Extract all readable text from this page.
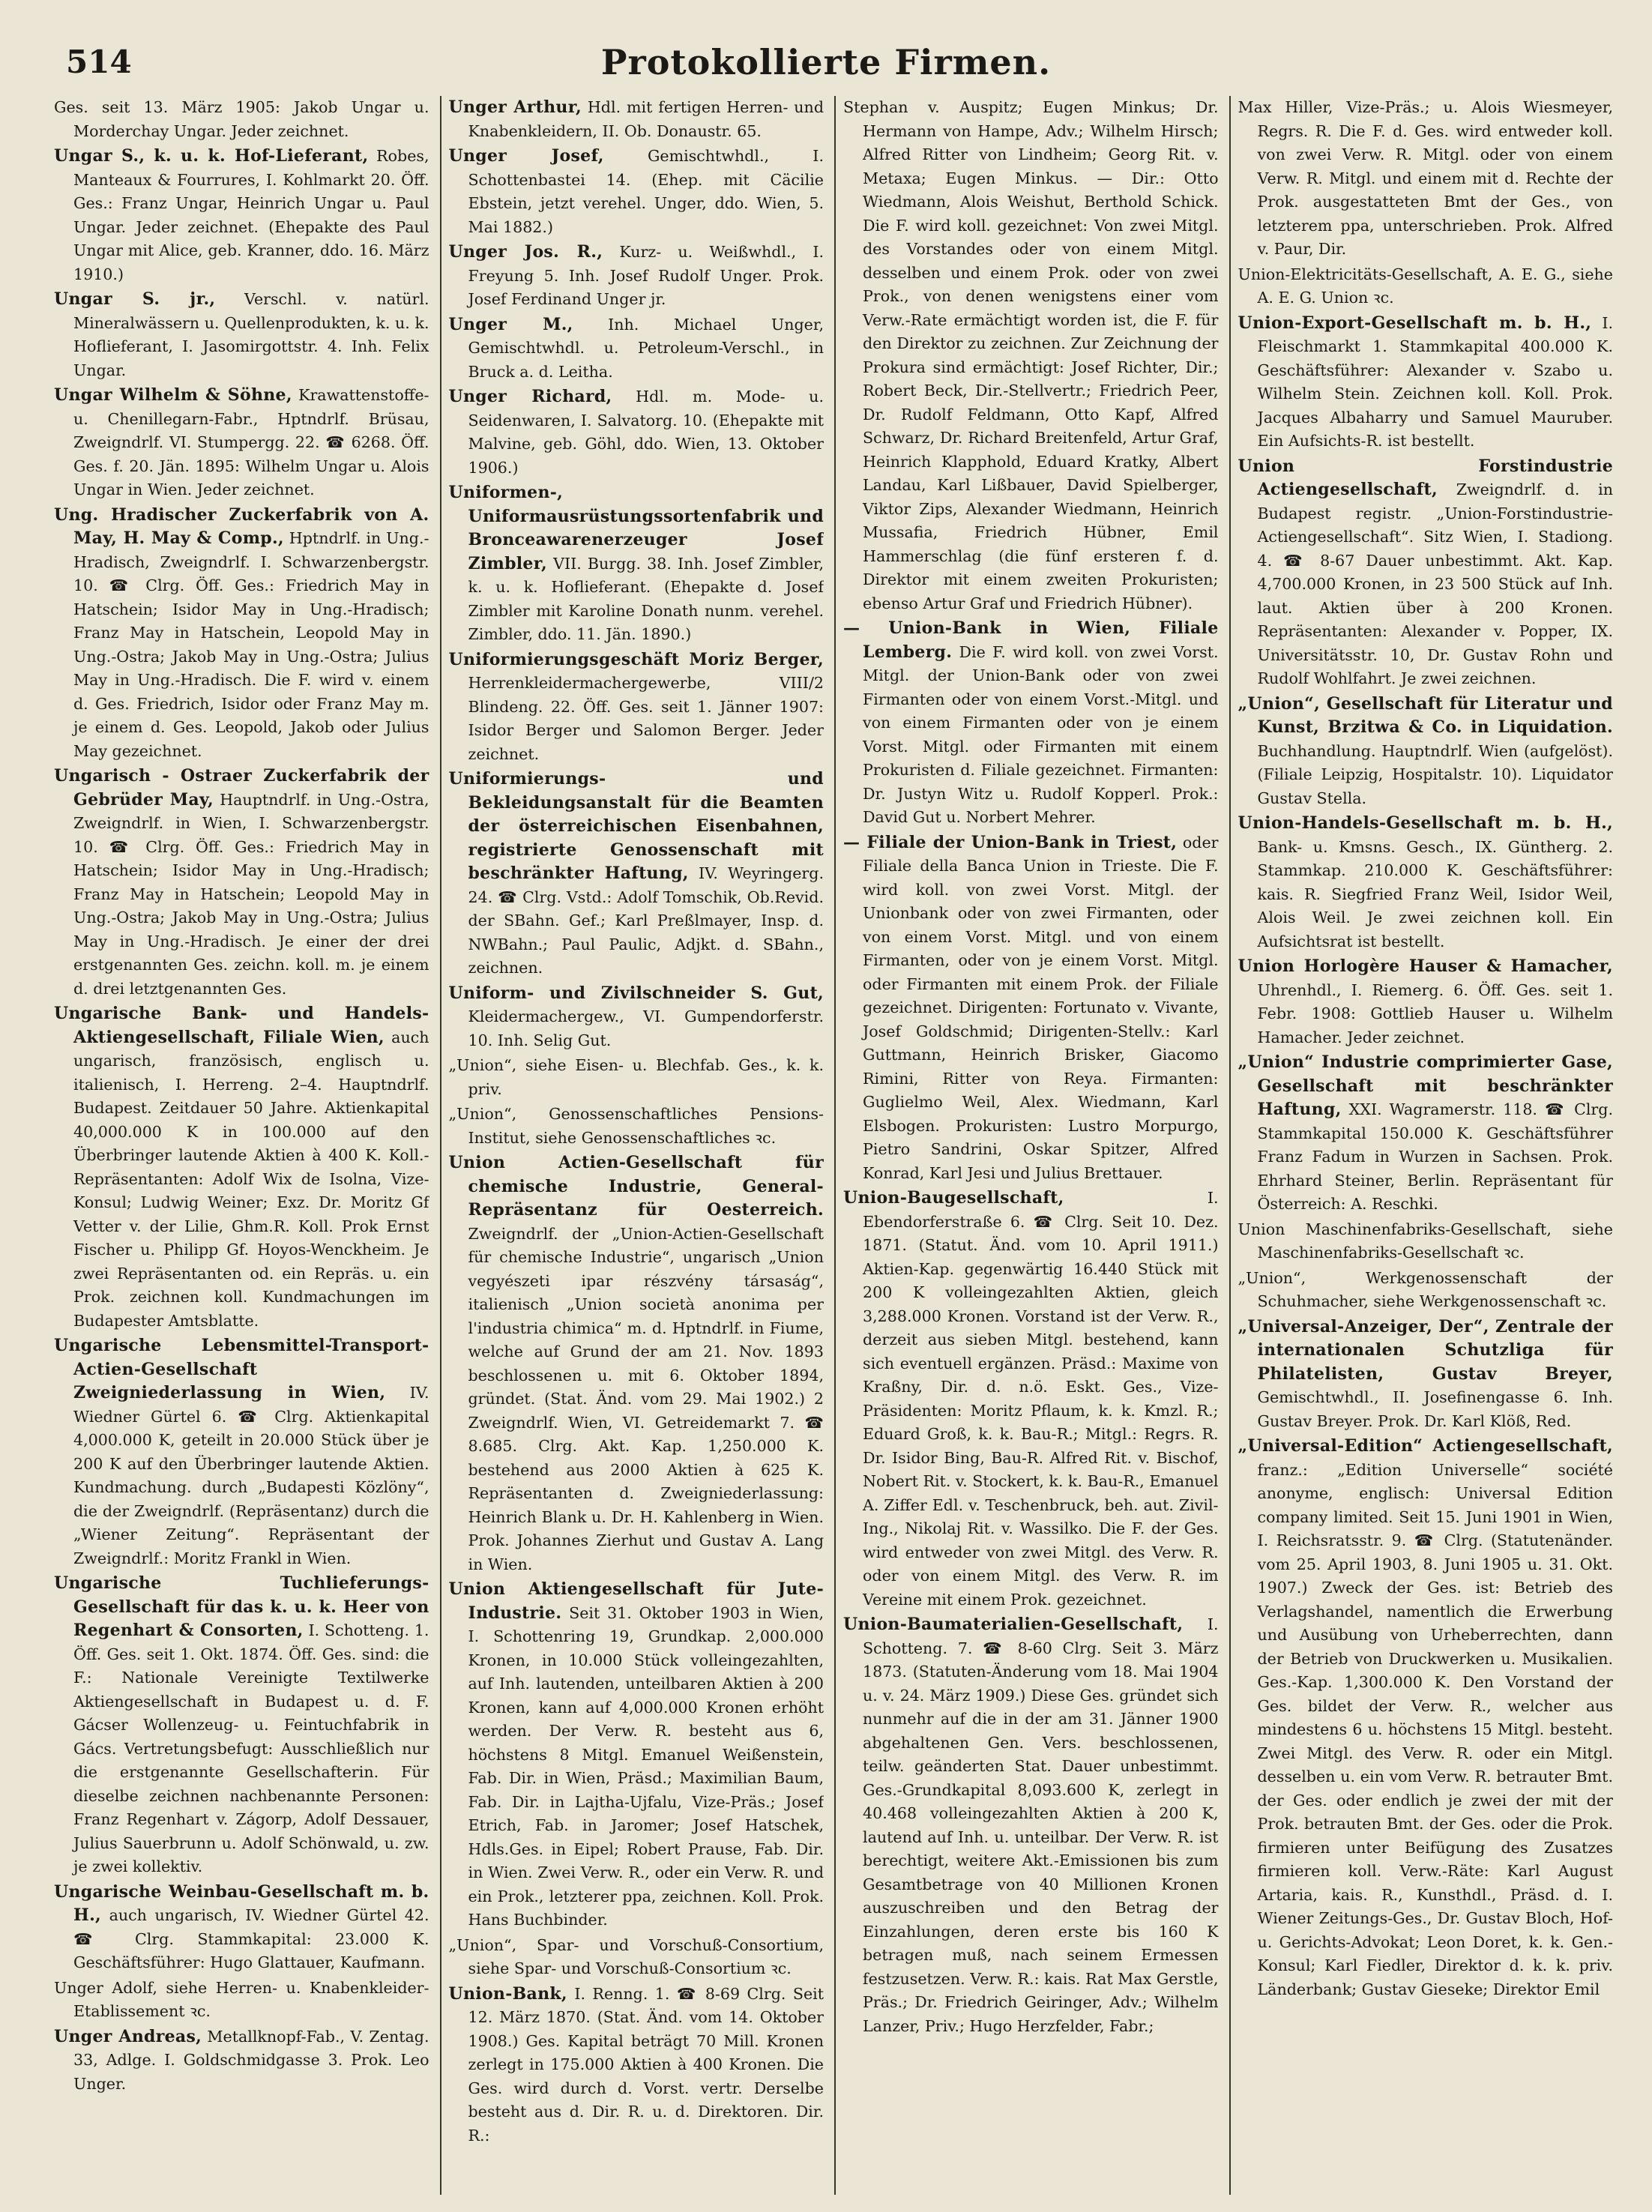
514	Protokollierte Firmen.

Ges. seit 13. März 1905: Jakob Ungar u. Morderchay Ungar. Jeder zeichnet.

Ungar S., k. u. k. Hof-Lieferant, Robes, Manteaux & Fourrures, I. Kohlmarkt 20. Öff. Ges.: Franz Ungar, Heinrich Ungar u. Paul Ungar. Jeder zeichnet. (Ehepakte des Paul Ungar mit Alice, geb. Kranner, ddo. 16. März 1910.)

Ungar S. jr., Verschl. v. natürl. Mineralwässern u. Quellenprodukten, k. u. k. Hoflieferant, I. Jasomirgottstr. 4. Inh. Felix Ungar.

Ungar Wilhelm & Söhne, Krawattenstoffe- u. Chenillegarn-Fabr., Hptndrlf. Brüsau, Zweigndrlf. VI. Stumpergg. 22. ☎ 6268. Öff. Ges. f. 20. Jän. 1895: Wilhelm Ungar u. Alois Ungar in Wien. Jeder zeichnet.

Ung. Hradischer Zuckerfabrik von A. May, H. May & Comp., Hptndrlf. in Ung.-Hradisch, Zweigndrlf. I. Schwarzenbergstr. 10. ☎ Clrg. Öff. Ges.: Friedrich May in Hatschein; Isidor May in Ung.-Hradisch; Franz May in Hatschein, Leopold May in Ung.-Ostra; Jakob May in Ung.-Ostra; Julius May in Ung.-Hradisch. Die F. wird v. einem d. Ges. Friedrich, Isidor oder Franz May m. je einem d. Ges. Leopold, Jakob oder Julius May gezeichnet.

Ungarisch - Ostraer Zuckerfabrik der Gebrüder May, Hauptndrlf. in Ung.-Ostra, Zweigndrlf. in Wien, I. Schwarzenbergstr. 10. ☎ Clrg. Öff. Ges.: Friedrich May in Hatschein; Isidor May in Ung.-Hradisch; Franz May in Hatschein; Leopold May in Ung.-Ostra; Jakob May in Ung.-Ostra; Julius May in Ung.-Hradisch. Je einer der drei erstgenannten Ges. zeichn. koll. m. je einem d. drei letztgenannten Ges.

Ungarische Bank- und Handels-Aktiengesellschaft, Filiale Wien, auch ungarisch, französisch, englisch u. italienisch, I. Herreng. 2–4. Hauptndrlf. Budapest. Zeitdauer 50 Jahre. Aktienkapital 40,000.000 K in 100.000 auf den Überbringer lautende Aktien à 400 K. Koll.-Repräsentanten: Adolf Wix de Isolna, Vize-Konsul; Ludwig Weiner; Exz. Dr. Moritz Gf Vetter v. der Lilie, Ghm.R. Koll. Prok Ernst Fischer u. Philipp Gf. Hoyos-Wenckheim. Je zwei Repräsentanten od. ein Repräs. u. ein Prok. zeichnen koll. Kundmachungen im Budapester Amtsblatte.

Ungarische Lebensmittel-Transport-Actien-Gesellschaft Zweigniederlassung in Wien, IV. Wiedner Gürtel 6. ☎ Clrg. Aktienkapital 4,000.000 K, geteilt in 20.000 Stück über je 200 K auf den Überbringer lautende Aktien. Kundmachung. durch „Budapesti Közlöny“, die der Zweigndrlf. (Repräsentanz) durch die „Wiener Zeitung“. Repräsentant der Zweigndrlf.: Moritz Frankl in Wien.

Ungarische Tuchlieferungs-Gesellschaft für das k. u. k. Heer von Regenhart & Consorten, I. Schotteng. 1. Öff. Ges. seit 1. Okt. 1874. Öff. Ges. sind: die F.: Nationale Vereinigte Textilwerke Aktiengesellschaft in Budapest u. d. F. Gácser Wollenzeug- u. Feintuchfabrik in Gács. Vertretungsbefugt: Ausschließlich nur die erstgenannte Gesellschafterin. Für dieselbe zeichnen nachbenannte Personen: Franz Regenhart v. Zágorp, Adolf Dessauer, Julius Sauerbrunn u. Adolf Schönwald, u. zw. je zwei kollektiv.

Ungarische Weinbau-Gesellschaft m. b. H., auch ungarisch, IV. Wiedner Gürtel 42. ☎ Clrg. Stammkapital: 23.000 K. Geschäftsführer: Hugo Glattauer, Kaufmann.

Unger Adolf, siehe Herren- u. Knabenkleider-Etablissement ꝛc.

Unger Andreas, Metallknopf-Fab., V. Zentag. 33, Adlge. I. Goldschmidgasse 3. Prok. Leo Unger.

Unger Arthur, Hdl. mit fertigen Herren- und Knabenkleidern, II. Ob. Donaustr. 65.

Unger Josef,	Gemischtwhdl., I. Schottenbastei 14. (Ehep. mit Cäcilie Ebstein, jetzt verehel. Unger, ddo. Wien, 5. Mai 1882.)

Unger Jos. R., Kurz- u. Weißwhdl., I. Freyung 5. Inh. Josef Rudolf Unger. Prok. Josef Ferdinand Unger jr.

Unger M., Inh. Michael Unger, Gemischtwhdl. u. Petroleum-Verschl., in Bruck a. d. Leitha.

Unger Richard, Hdl. m. Mode- u. Seidenwaren, I. Salvatorg. 10. (Ehepakte mit Malvine, geb. Göhl, ddo. Wien, 13. Oktober 1906.)

Uniformen-, Uniformausrüstungssortenfabrik und Bronceawarenerzeuger Josef Zimbler, VII. Burgg. 38. Inh. Josef Zimbler, k. u. k. Hoflieferant. (Ehepakte d. Josef Zimbler mit Karoline Donath nunm. verehel. Zimbler, ddo. 11. Jän. 1890.)

Uniformierungsgeschäft Moriz Berger, Herrenkleidermachergewerbe, VIII/2 Blindeng. 22. Öff. Ges. seit 1. Jänner 1907: Isidor Berger und Salomon Berger. Jeder zeichnet.

Uniformierungs- und Bekleidungsanstalt für die Beamten der österreichischen Eisenbahnen, registrierte Genossenschaft mit beschränkter Haftung, IV. Weyringerg. 24. ☎ Clrg. Vstd.: Adolf Tomschik, Ob.Revid. der SBahn. Gef.; Karl Preßlmayer, Insp. d. NWBahn.; Paul Paulic, Adjkt. d. SBahn., zeichnen.

Uniform- und Zivilschneider S. Gut, Kleidermachergew., VI. Gumpendorferstr. 10. Inh. Selig Gut.

„Union“, siehe Eisen- u. Blechfab. Ges., k. k. priv.

„Union“, Genossenschaftliches Pensions-Institut, siehe Genossenschaftliches ꝛc.

Union Actien-Gesellschaft für chemische Industrie, General-Repräsentanz für Oesterreich. Zweigndrlf. der „Union-Actien-Gesellschaft für chemische Industrie“, ungarisch „Union vegyészeti ipar részvény társaság“, italienisch „Union società anonima per l'industria chimica“ m. d. Hptndrlf. in Fiume, welche auf Grund der am 21. Nov. 1893 beschlossenen u. mit 6. Oktober 1894, gründet. (Stat. Änd. vom 29. Mai 1902.) 2 Zweigndrlf. Wien, VI. Getreidemarkt 7. ☎ 8.685. Clrg. Akt. Kap. 1,250.000 K. bestehend aus 2000 Aktien à 625 K. Repräsentanten d. Zweigniederlassung: Heinrich Blank u. Dr. H. Kahlenberg in Wien. Prok. Johannes Zierhut und Gustav A. Lang in Wien.

Union Aktiengesellschaft für Jute-Industrie. Seit 31. Oktober 1903 in Wien, I. Schottenring 19, Grundkap. 2,000.000 Kronen, in 10.000 Stück volleingezahlten, auf Inh. lautenden, unteilbaren Aktien à 200 Kronen, kann auf 4,000.000 Kronen erhöht werden. Der Verw. R. besteht aus 6, höchstens 8 Mitgl. Emanuel Weißenstein, Fab. Dir. in Wien, Präsd.; Maximilian Baum, Fab. Dir. in Lajtha-Ujfalu, Vize-Präs.; Josef Etrich, Fab. in Jaromer; Josef Hatschek, Hdls.Ges. in Eipel; Robert Prause, Fab. Dir. in Wien. Zwei Verw. R., oder ein Verw. R. und ein Prok., letzterer ppa, zeichnen. Koll. Prok. Hans Buchbinder.

„Union“, Spar- und Vorschuß-Consortium, siehe Spar- und Vorschuß-Consortium ꝛc.

Union-Bank, I. Renng. 1. ☎ 8-69 Clrg. Seit 12. März 1870. (Stat. Änd. vom 14. Oktober 1908.) Ges. Kapital beträgt 70 Mill. Kronen zerlegt in 175.000 Aktien à 400 Kronen. Die Ges. wird durch d. Vorst. vertr. Derselbe besteht aus d. Dir. R. u. d. Direktoren. Dir. R.:

Stephan v. Auspitz; Eugen Minkus; Dr. Hermann von Hampe, Adv.; Wilhelm Hirsch; Alfred Ritter von Lindheim; Georg Rit. v. Metaxa; Eugen Minkus. — Dir.: Otto Wiedmann, Alois Weishut, Berthold Schick. Die F. wird koll. gezeichnet: Von zwei Mitgl. des Vorstandes oder von einem Mitgl. desselben und einem Prok. oder von zwei Prok., von denen wenigstens einer vom Verw.-Rate ermächtigt worden ist, die F. für den Direktor zu zeichnen. Zur Zeichnung der Prokura sind ermächtigt: Josef Richter, Dir.; Robert Beck, Dir.-Stellvertr.; Friedrich Peer, Dr. Rudolf Feldmann, Otto Kapf, Alfred Schwarz, Dr. Richard Breitenfeld, Artur Graf, Heinrich Klapphold, Eduard Kratky, Albert Landau, Karl Lißbauer, David Spielberger, Viktor Zips, Alexander Wiedmann, Heinrich Mussafia, Friedrich Hübner, Emil Hammerschlag (die fünf ersteren f. d. Direktor mit einem zweiten Prokuristen; ebenso Artur Graf und Friedrich Hübner).

— Union-Bank in Wien, Filiale Lemberg. Die F. wird koll. von zwei Vorst. Mitgl. der Union-Bank oder von zwei Firmanten oder von einem Vorst.-Mitgl. und von einem Firmanten oder von je einem Vorst. Mitgl. oder Firmanten mit einem Prokuristen d. Filiale gezeichnet. Firmanten: Dr. Justyn Witz u. Rudolf Kopperl. Prok.: David Gut u. Norbert Mehrer.

— Filiale der Union-Bank in Triest, oder Filiale della Banca Union in Trieste. Die F. wird koll. von zwei Vorst. Mitgl. der Unionbank oder von zwei Firmanten, oder von einem Vorst. Mitgl. und von einem Firmanten, oder von je einem Vorst. Mitgl. oder Firmanten mit einem Prok. der Filiale gezeichnet. Dirigenten: Fortunato v. Vivante, Josef Goldschmid; Dirigenten-Stellv.: Karl Guttmann, Heinrich Brisker, Giacomo Rimini, Ritter von Reya. Firmanten: Guglielmo Weil, Alex. Wiedmann, Karl Elsbogen. Prokuristen: Lustro Morpurgo, Pietro Sandrini, Oskar Spitzer, Alfred Konrad, Karl Jesi und Julius Brettauer.

Union-Baugesellschaft,	I. Ebendorferstraße 6. ☎ Clrg. Seit 10. Dez. 1871. (Statut. Änd. vom 10. April 1911.) Aktien-Kap. gegenwärtig 16.440 Stück mit 200 K volleingezahlten Aktien, gleich 3,288.000 Kronen. Vorstand ist der Verw. R., derzeit aus sieben Mitgl. bestehend, kann sich eventuell ergänzen. Präsd.: Maxime von Kraßny, Dir. d. n.ö. Eskt. Ges., Vize-Präsidenten: Moritz Pflaum, k. k. Kmzl. R.; Eduard Groß, k. k. Bau-R.; Mitgl.: Regrs. R. Dr. Isidor Bing, Bau-R. Alfred Rit. v. Bischof, Nobert Rit. v. Stockert, k. k. Bau-R., Emanuel A. Ziffer Edl. v. Teschenbruck, beh. aut. Zivil-Ing., Nikolaj Rit. v. Wassilko. Die F. der Ges. wird entweder von zwei Mitgl. des Verw. R. oder von einem Mitgl. des Verw. R. im Vereine mit einem Prok. gezeichnet.

Union-Baumaterialien-Gesellschaft, I. Schotteng. 7. ☎ 8-60 Clrg. Seit 3. März 1873. (Statuten-Änderung vom 18. Mai 1904 u. v. 24. März 1909.) Diese Ges. gründet sich nunmehr auf die in der am 31. Jänner 1900 abgehaltenen Gen. Vers. beschlossenen, teilw. geänderten Stat. Dauer unbestimmt. Ges.-Grundkapital 8,093.600 K, zerlegt in 40.468 volleingezahlten Aktien à 200 K, lautend auf Inh. u. unteilbar. Der Verw. R. ist berechtigt, weitere Akt.-Emissionen bis zum Gesamtbetrage von 40 Millionen Kronen auszuschreiben und den Betrag der Einzahlungen, deren erste bis 160 K betragen muß, nach seinem Ermessen festzusetzen. Verw. R.: kais. Rat Max Gerstle, Präs.; Dr. Friedrich Geiringer, Adv.; Wilhelm Lanzer, Priv.; Hugo Herzfelder, Fabr.;

Max Hiller, Vize-Präs.; u. Alois Wiesmeyer, Regrs. R. Die F. d. Ges. wird entweder koll. von zwei Verw. R. Mitgl. oder von einem Verw. R. Mitgl. und einem mit d. Rechte der Prok. ausgestatteten Bmt der Ges., von letzterem ppa, unterschrieben. Prok. Alfred v. Paur, Dir.

Union-Elektricitäts-Gesellschaft, A. E. G., siehe A. E. G. Union ꝛc.

Union-Export-Gesellschaft m. b. H., I. Fleischmarkt 1. Stammkapital 400.000 K. Geschäftsführer: Alexander v. Szabo u. Wilhelm Stein. Zeichnen koll. Koll. Prok. Jacques Albaharry und Samuel Mauruber. Ein Aufsichts-R. ist bestellt.

Union Forstindustrie Actiengesellschaft, Zweigndrlf. d. in Budapest registr. „Union-Forstindustrie-Actiengesellschaft“. Sitz Wien, I. Stadiong. 4. ☎ 8-67 Dauer unbestimmt. Akt. Kap. 4,700.000 Kronen, in 23 500 Stück auf Inh. laut. Aktien über à 200 Kronen. Repräsentanten: Alexander v. Popper, IX. Universitätsstr. 10, Dr. Gustav Rohn und Rudolf Wohlfahrt. Je zwei zeichnen.

„Union“, Gesellschaft für Literatur und Kunst, Brzitwa & Co. in Liquidation. Buchhandlung. Hauptndrlf. Wien (aufgelöst). (Filiale Leipzig, Hospitalstr. 10). Liquidator Gustav Stella.

Union-Handels-Gesellschaft m. b. H., Bank- u. Kmsns. Gesch., IX. Güntherg. 2. Stammkap. 210.000 K. Geschäftsführer: kais. R. Siegfried Franz Weil, Isidor Weil, Alois Weil. Je zwei zeichnen koll. Ein Aufsichtsrat ist bestellt.

Union Horlogère Hauser & Hamacher, Uhrenhdl., I. Riemerg. 6. Öff. Ges. seit 1. Febr. 1908: Gottlieb Hauser u. Wilhelm Hamacher. Jeder zeichnet.

„Union“ Industrie comprimierter Gase, Gesellschaft mit beschränkter Haftung, XXI. Wagramerstr. 118. ☎ Clrg. Stammkapital 150.000 K. Geschäftsführer Franz Fadum in Wurzen in Sachsen. Prok. Ehrhard Steiner, Berlin. Repräsentant für Österreich: A. Reschki.

Union Maschinenfabriks-Gesellschaft, siehe Maschinenfabriks-Gesellschaft ꝛc.

„Union“, Werkgenossenschaft der Schuhmacher, siehe Werkgenossenschaft ꝛc.

„Universal-Anzeiger, Der“, Zentrale der internationalen Schutzliga für Philatelisten, Gustav Breyer, Gemischtwhdl., II. Josefinengasse 6. Inh. Gustav Breyer. Prok. Dr. Karl Klöß, Red.

„Universal-Edition“ Actiengesellschaft, franz.: „Edition Universelle“ société anonyme, englisch: Universal Edition company limited. Seit 15. Juni 1901 in Wien, I. Reichsratsstr. 9. ☎ Clrg. (Statutenänder. vom 25. April 1903, 8. Juni 1905 u. 31. Okt. 1907.) Zweck der Ges. ist: Betrieb des Verlagshandel, namentlich die Erwerbung und Ausübung von Urheberrechten, dann der Betrieb von Druckwerken u. Musikalien. Ges.-Kap. 1,300.000 K. Den Vorstand der Ges. bildet der Verw. R., welcher aus mindestens 6 u. höchstens 15 Mitgl. besteht. Zwei Mitgl. des Verw. R. oder ein Mitgl. desselben u. ein vom Verw. R. betrauter Bmt. der Ges. oder endlich je zwei der mit der Prok. betrauten Bmt. der Ges. oder die Prok. firmieren unter Beifügung des Zusatzes firmieren koll. Verw.-Räte: Karl August Artaria, kais. R., Kunsthdl., Präsd. d. I. Wiener Zeitungs-Ges., Dr. Gustav Bloch, Hof- u. Gerichts-Advokat; Leon Doret, k. k. Gen.-Konsul; Karl Fiedler, Direktor d. k. k. priv. Länderbank; Gustav Gieseke; Direktor Emil
